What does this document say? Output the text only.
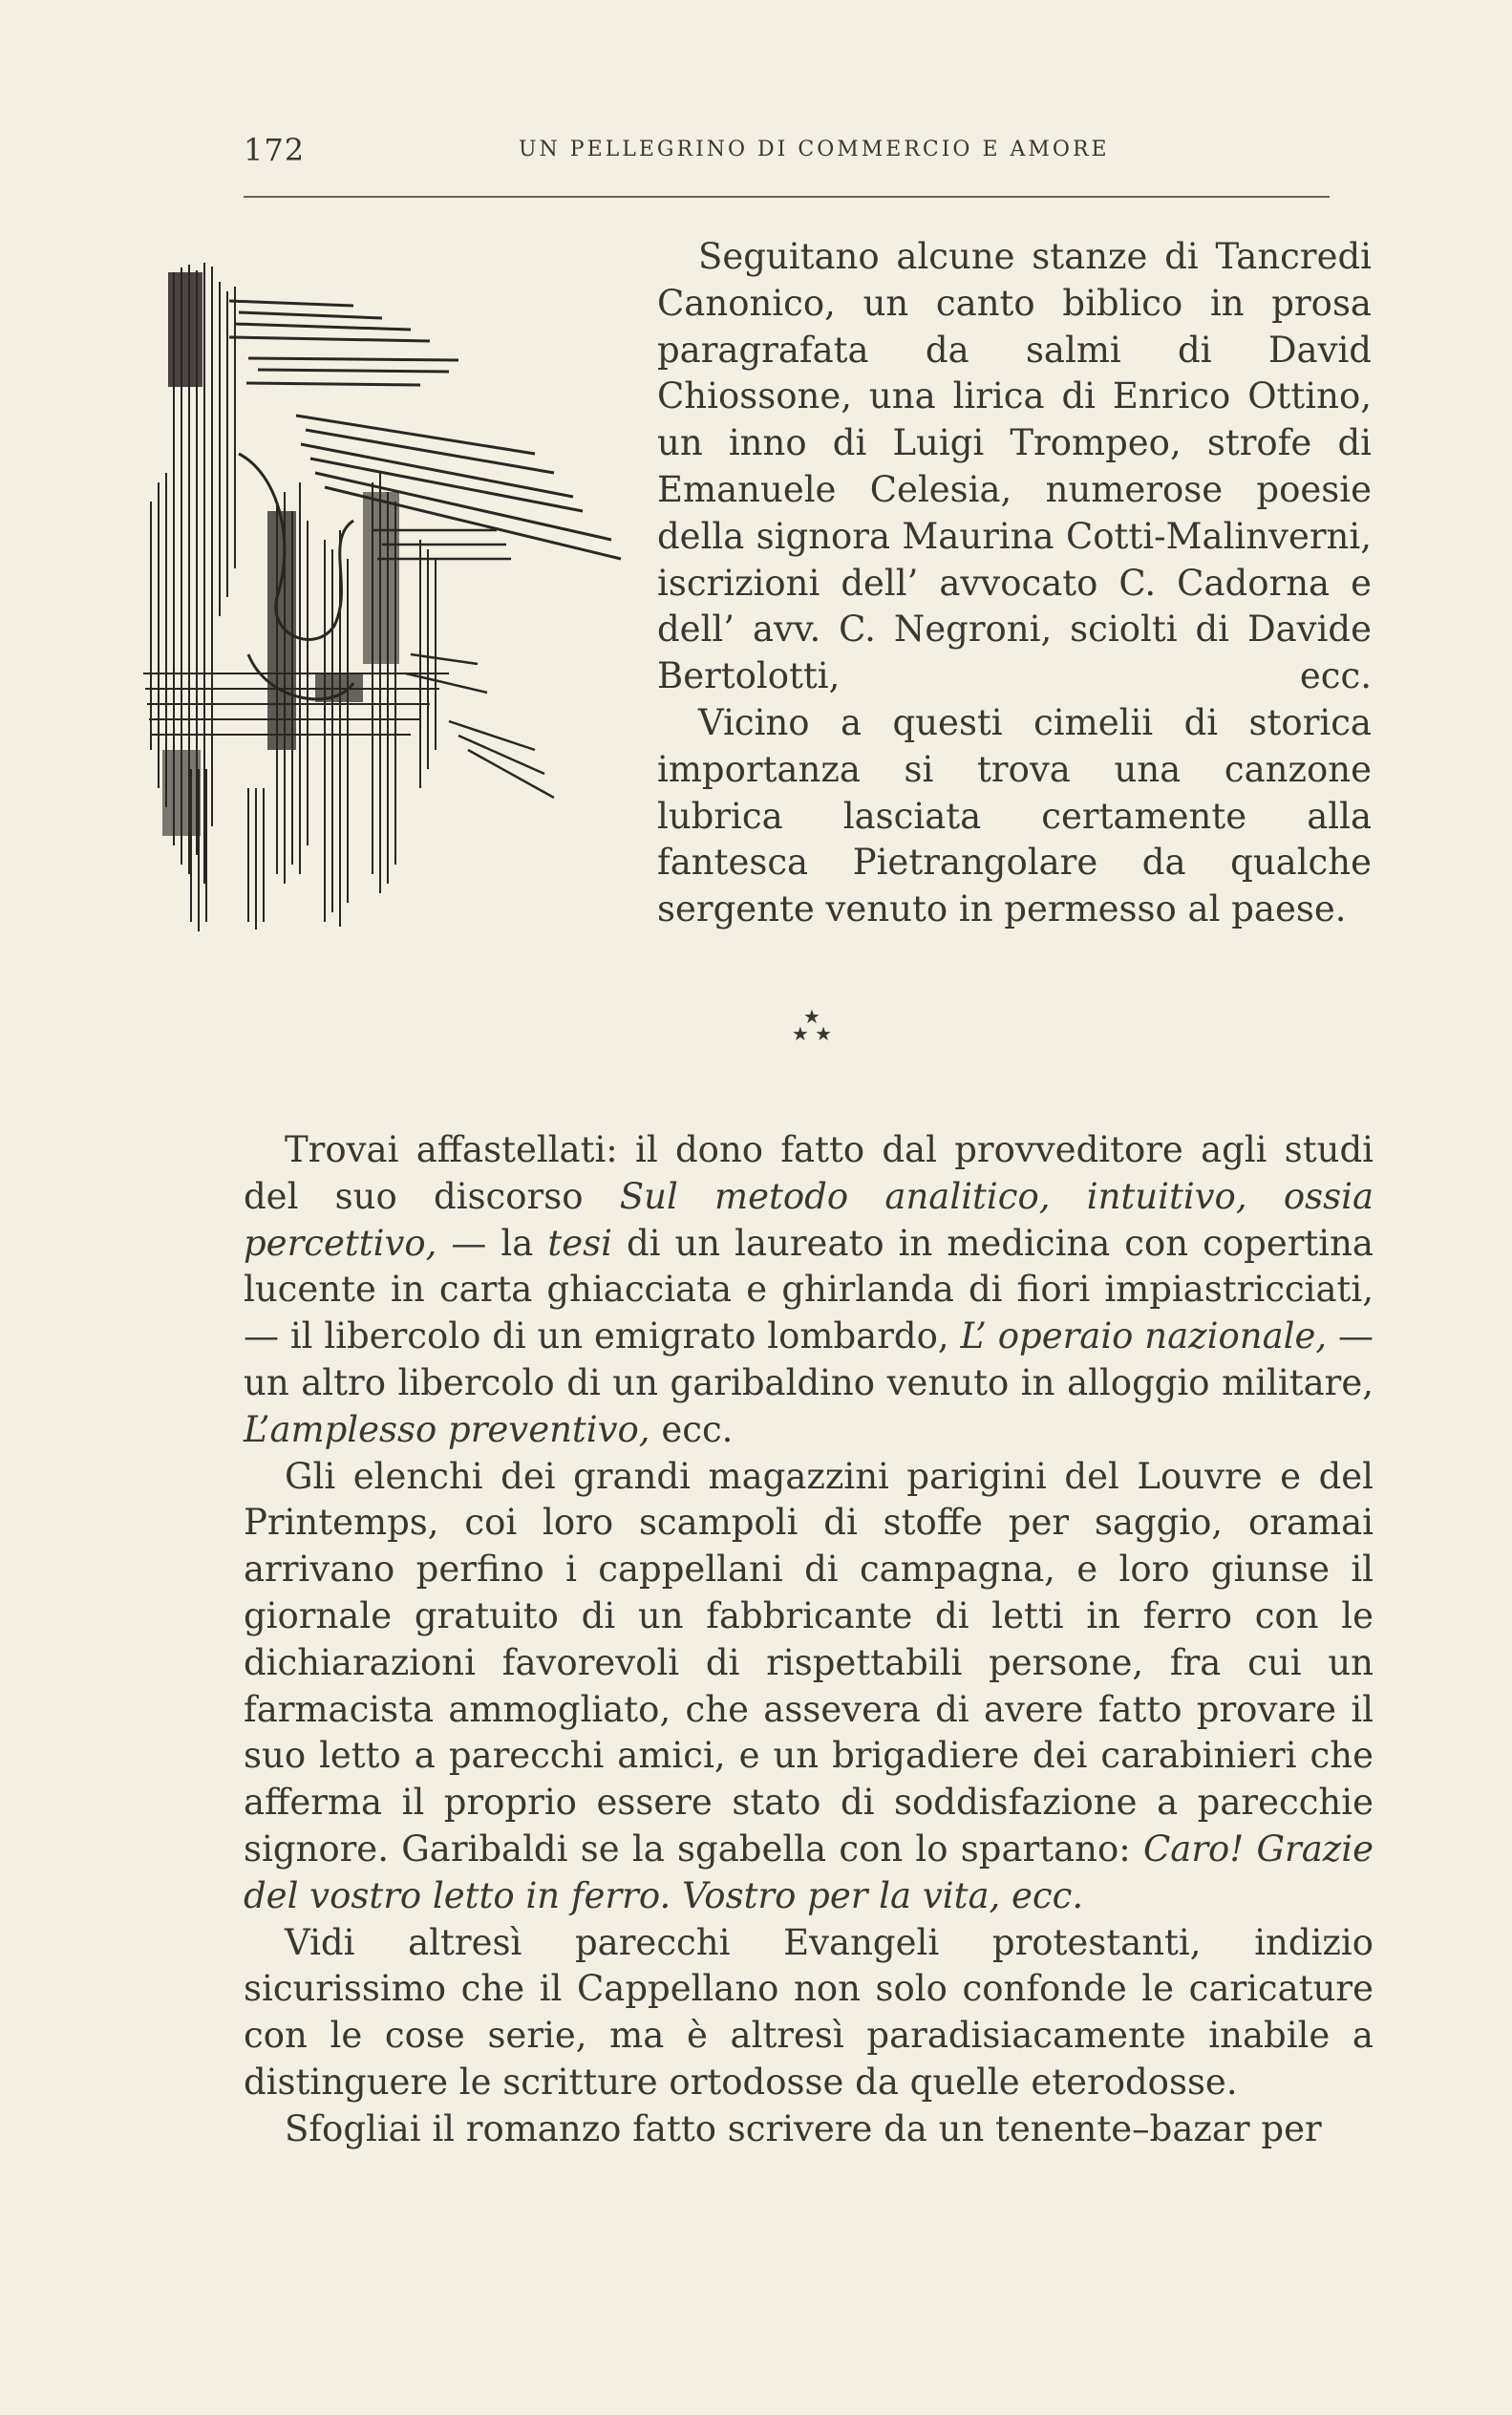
172	UN PELLEGRINO DI COMMERCIO E AMORE

Seguitano alcune stanze di Tancredi Canonico, un canto biblico in prosa paragrafata da salmi di David Chiossone, una lirica di Enrico Ottino, un inno di Luigi Trompeo, strofe di Emanuele Celesia, numerose poesie della signora Maurina Cotti-Malinverni, iscrizioni dell’ avvocato C. Cadorna e dell’ avv. C. Negroni, sciolti di Davide Bertolotti, ecc.

Vicino a questi cimelii di storica importanza si trova una canzone lubrica lasciata certamente alla fantesca Pietrangolare da qualche sergente venuto in permesso al paese.

★
★ ★

Trovai affastellati: il dono fatto dal provveditore agli studi del suo discorso Sul metodo analitico, intuitivo, ossia percettivo, — la tesi di un laureato in medicina con copertina lucente in carta ghiacciata e ghirlanda di fiori impiastricciati, — il libercolo di un emigrato lombardo, L’ operaio nazionale, — un altro libercolo di un garibaldino venuto in alloggio militare, L’amplesso preventivo, ecc.

Gli elenchi dei grandi magazzini parigini del Louvre e del Printemps, coi loro scampoli di stoffe per saggio, oramai arrivano perfino i cappellani di campagna, e loro giunse il giornale gratuito di un fabbricante di letti in ferro con le dichiarazioni favorevoli di rispettabili persone, fra cui un farmacista ammogliato, che assevera di avere fatto provare il suo letto a parecchi amici, e un brigadiere dei carabinieri che afferma il proprio essere stato di soddisfazione a parecchie signore. Garibaldi se la sgabella con lo spartano: Caro! Grazie del vostro letto in ferro. Vostro per la vita, ecc.

Vidi altresì parecchi Evangeli protestanti, indizio sicurissimo che il Cappellano non solo confonde le caricature con le cose serie, ma è altresì paradisiacamente inabile a distinguere le scritture ortodosse da quelle eterodosse.

Sfogliai il romanzo fatto scrivere da un tenente–bazar per
